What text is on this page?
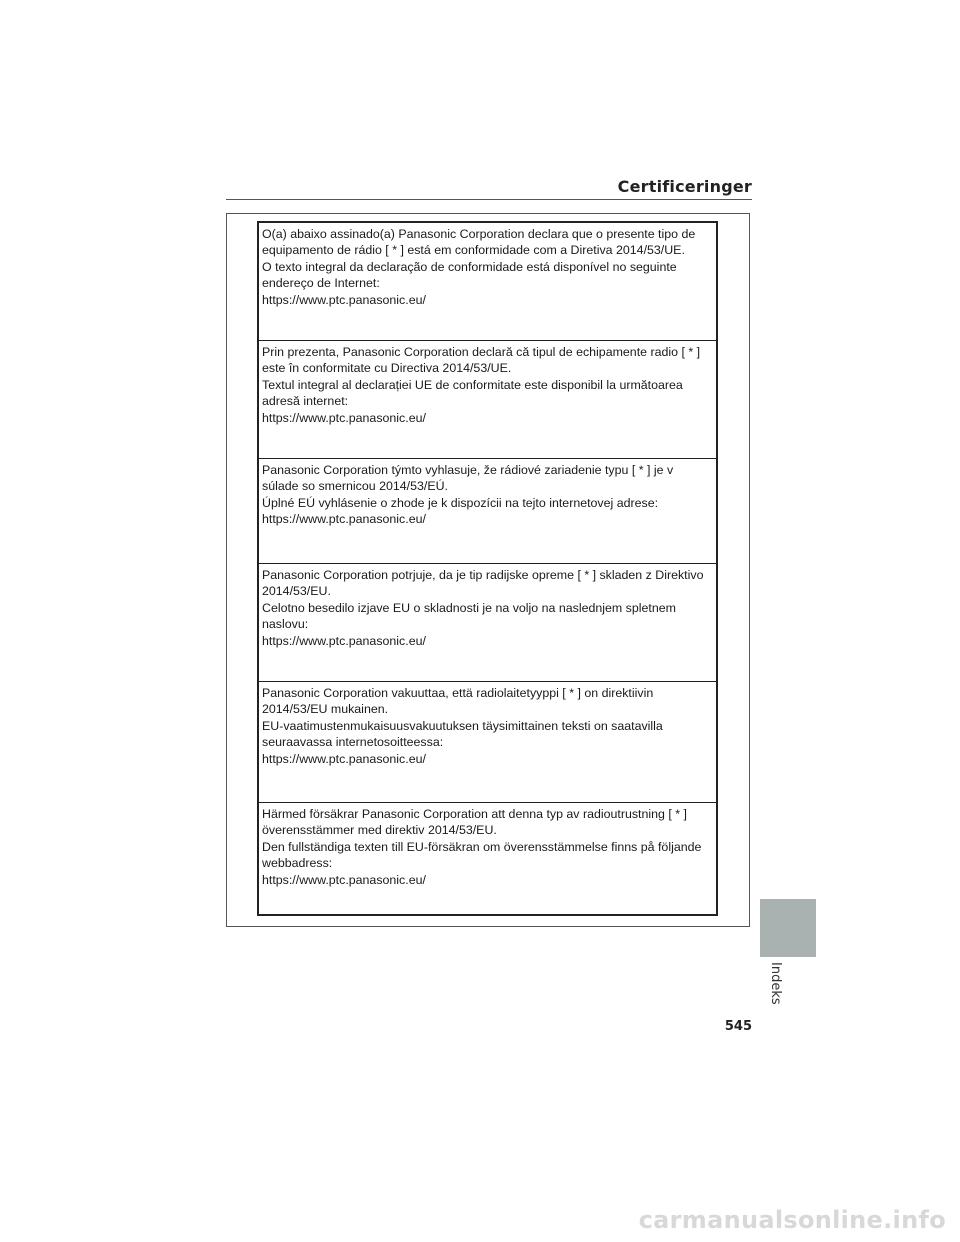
Certificeringer
O(a) abaixo assinado(a) Panasonic Corporation declara que o presente tipo de
equipamento de rádio [ * ] está em conformidade com a Diretiva 2014/53/UE.
O texto integral da declaração de conformidade está disponível no seguinte
endereço de Internet:
https://www.ptc.panasonic.eu/
Prin prezenta, Panasonic Corporation declară că tipul de echipamente radio [ * ]
este în conformitate cu Directiva 2014/53/UE.
Textul integral al declarației UE de conformitate este disponibil la următoarea
adresă internet:
https://www.ptc.panasonic.eu/
Panasonic Corporation týmto vyhlasuje, že rádiové zariadenie typu [ * ] je v
súlade so smernicou 2014/53/EÚ.
Úplné EÚ vyhlásenie o zhode je k dispozícii na tejto internetovej adrese:
https://www.ptc.panasonic.eu/
Panasonic Corporation potrjuje, da je tip radijske opreme [ * ] skladen z Direktivo
2014/53/EU.
Celotno besedilo izjave EU o skladnosti je na voljo na naslednjem spletnem
naslovu:
https://www.ptc.panasonic.eu/
Panasonic Corporation vakuuttaa, että radiolaitetyyppi [ * ] on direktiivin
2014/53/EU mukainen.
EU-vaatimustenmukaisuusvakuutuksen täysimittainen teksti on saatavilla
seuraavassa internetosoitteessa:
https://www.ptc.panasonic.eu/
Härmed försäkrar Panasonic Corporation att denna typ av radioutrustning [ * ]
överensstämmer med direktiv 2014/53/EU.
Den fullständiga texten till EU-försäkran om överensstämmelse finns på följande
webbadress:
https://www.ptc.panasonic.eu/
Indeks
545
carmanualsonline.info
